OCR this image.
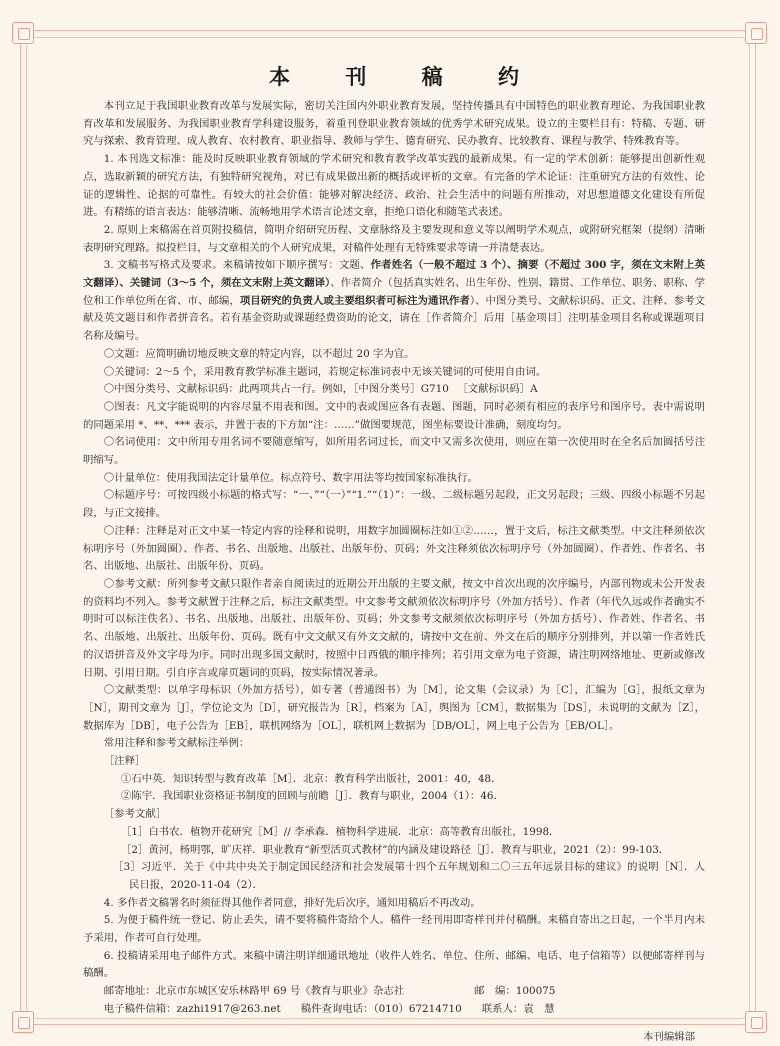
本 刊 稿 约

本刊立足于我国职业教育改革与发展实际，密切关注国内外职业教育发展，坚持传播具有中国特色的职业教育理论、为我国职业教育改革和发展服务、为我国职业教育学科建设服务，着重刊登职业教育领域的优秀学术研究成果。设立的主要栏目有：特稿、专题、研究与探索、教育管理、成人教育、农村教育、职业指导、教师与学生、德育研究、民办教育、比较教育、课程与教学、特殊教育等。

1. 本刊选文标准：能及时反映职业教育领域的学术研究和教育教学改革实践的最新成果。有一定的学术创新：能够提出创新性观点，选取新颖的研究方法，有独特研究视角，对已有成果做出新的概括或评析的文章。有完备的学术论证：注重研究方法的有效性、论证的逻辑性、论据的可靠性。有较大的社会价值：能够对解决经济、政治、社会生活中的问题有所推动，对思想道德文化建设有所促进。有精练的语言表达：能够清晰、流畅地用学术语言论述文章，拒绝口语化和随笔式表述。

2. 原则上来稿需在首页附投稿信，简明介绍研究历程、文章脉络及主要发现和意义等以阐明学术观点，或附研究框架（提纲）清晰表明研究理路。拟投栏目，与文章相关的个人研究成果，对稿件处理有无特殊要求等请一并清楚表达。

3. 文稿书写格式及要求。来稿请按如下顺序撰写：文题、作者姓名（一般不超过 3 个）、摘要（不超过 300 字，须在文末附上英文翻译）、关键词（3～5 个，须在文末附上英文翻译）、作者简介（包括真实姓名、出生年份、性别、籍贯、工作单位、职务、职称、学位和工作单位所在省、市、邮编，项目研究的负责人或主要组织者可标注为通讯作者）、中图分类号、文献标识码、正文、注释、参考文献及英文题目和作者拼音名。若有基金资助或课题经费资助的论文，请在［作者简介］后用［基金项目］注明基金项目名称或课题项目名称及编号。

〇文题：应简明确切地反映文章的特定内容，以不超过 20 字为宜。

〇关键词：2～5 个，采用教育教学标准主题词，若规定标准词表中无该关键词的可使用自由词。

〇中图分类号、文献标识码：此两项共占一行。例如，［中图分类号］G710 　［文献标识码］A

〇图表：凡文字能说明的内容尽量不用表和图。文中的表或图应各有表题、图题，同时必须有相应的表序号和图序号。表中需说明的同题采用 *、**、*** 表示，并置于表的下方加“注：……”做图要规范，图坐标要设计准确，刻度均匀。

〇名词使用：文中所用专用名词不要随意缩写，如所用名词过长，而文中又需多次使用，则应在第一次使用时在全名后加圆括号注明缩写。

〇计量单位：使用我国法定计量单位。标点符号、数字用法等均按国家标准执行。

〇标题序号：可按四级小标题的格式写：“一、”“（一）”“1.”“（1）”：一级、二级标题另起段，正文另起段；三级、四级小标题不另起段，与正文接排。

〇注释：注释是对正文中某一特定内容的诠释和说明，用数字加圆圈标注如①②……，置于文后，标注文献类型。中文注释须依次标明序号（外加圆圈）、作者、书名、出版地、出版社、出版年份、页码；外文注释须依次标明序号（外加圆圈）、作者姓、作者名、书名、出版地、出版社、出版年份、页码。

〇参考文献：所列参考文献只限作者亲自阅读过的近期公开出版的主要文献，按文中首次出现的次序编号，内部刊物或未公开发表的资料均不列入。参考文献置于注释之后，标注文献类型。中文参考文献须依次标明序号（外加方括号）、作者（年代久远或作者确实不明时可以标注佚名）、书名、出版地、出版社、出版年份、页码；外文参考文献须依次标明序号（外加方括号）、作者姓、作者名、书名、出版地、出版社、出版年份、页码。既有中文文献又有外文文献的，请按中文在前、外文在后的顺序分别排列，并以第一作者姓氏的汉语拼音及外文字母为序。同时出现多国文献时，按照中日西俄的顺序排列；若引用文章为电子资源，请注明网络地址、更新或修改日期、引用日期。引自序言或扉页题词的页码，按实际情况著录。

〇文献类型：以单字母标识（外加方括号），如专著（普通图书）为［M］，论文集（会议录）为［C］，汇编为［G］，报纸文章为［N］，期刊文章为［J］，学位论文为［D］，研究报告为［R］，档案为［A］，舆图为［CM］，数据集为［DS］，未说明的文献为［Z］，数据库为［DB］，电子公告为［EB］，联机网络为［OL］，联机网上数据为［DB/OL］，网上电子公告为［EB/OL］。

常用注释和参考文献标注举例：

［注释］

①石中英．知识转型与教育改革［M］．北京：教育科学出版社，2001：40，48．

②陈宇．我国职业资格证书制度的回顾与前瞻［J］．教育与职业，2004（1）：46．

［参考文献］

［1］白书农．植物开花研究［M］// 李承森．植物科学进展．北京：高等教育出版社，1998．

［2］黄河，杨明鄂，旷庆祥．职业教育“新型活页式教材”的内涵及建设路径［J］．教育与职业，2021（2）：99-103．

［3］习近平．关于《中共中央关于制定国民经济和社会发展第十四个五年规划和二〇三五年远景目标的建议》的说明［N］．人民日报，2020-11-04（2）．

4. 多作者文稿署名时须征得其他作者同意，排好先后次序，通知用稿后不再改动。

5. 为便于稿件统一登记、防止丢失，请不要将稿件寄给个人。稿件一经刊用即寄样刊并付稿酬。来稿自寄出之日起，一个半月内未予采用，作者可自行处理。

6. 投稿请采用电子邮件方式。来稿中请注明详细通讯地址（收件人姓名、单位、住所、邮编、电话、电子信箱等）以便邮寄样刊与稿酬。

邮寄地址：北京市东城区安乐林路甲 69 号《教育与职业》杂志社	邮　编：100075

电子稿件信箱：zazhi1917@263.net 稿件查询电话：（010）67214710 联系人：袁　慧

本刊编辑部
